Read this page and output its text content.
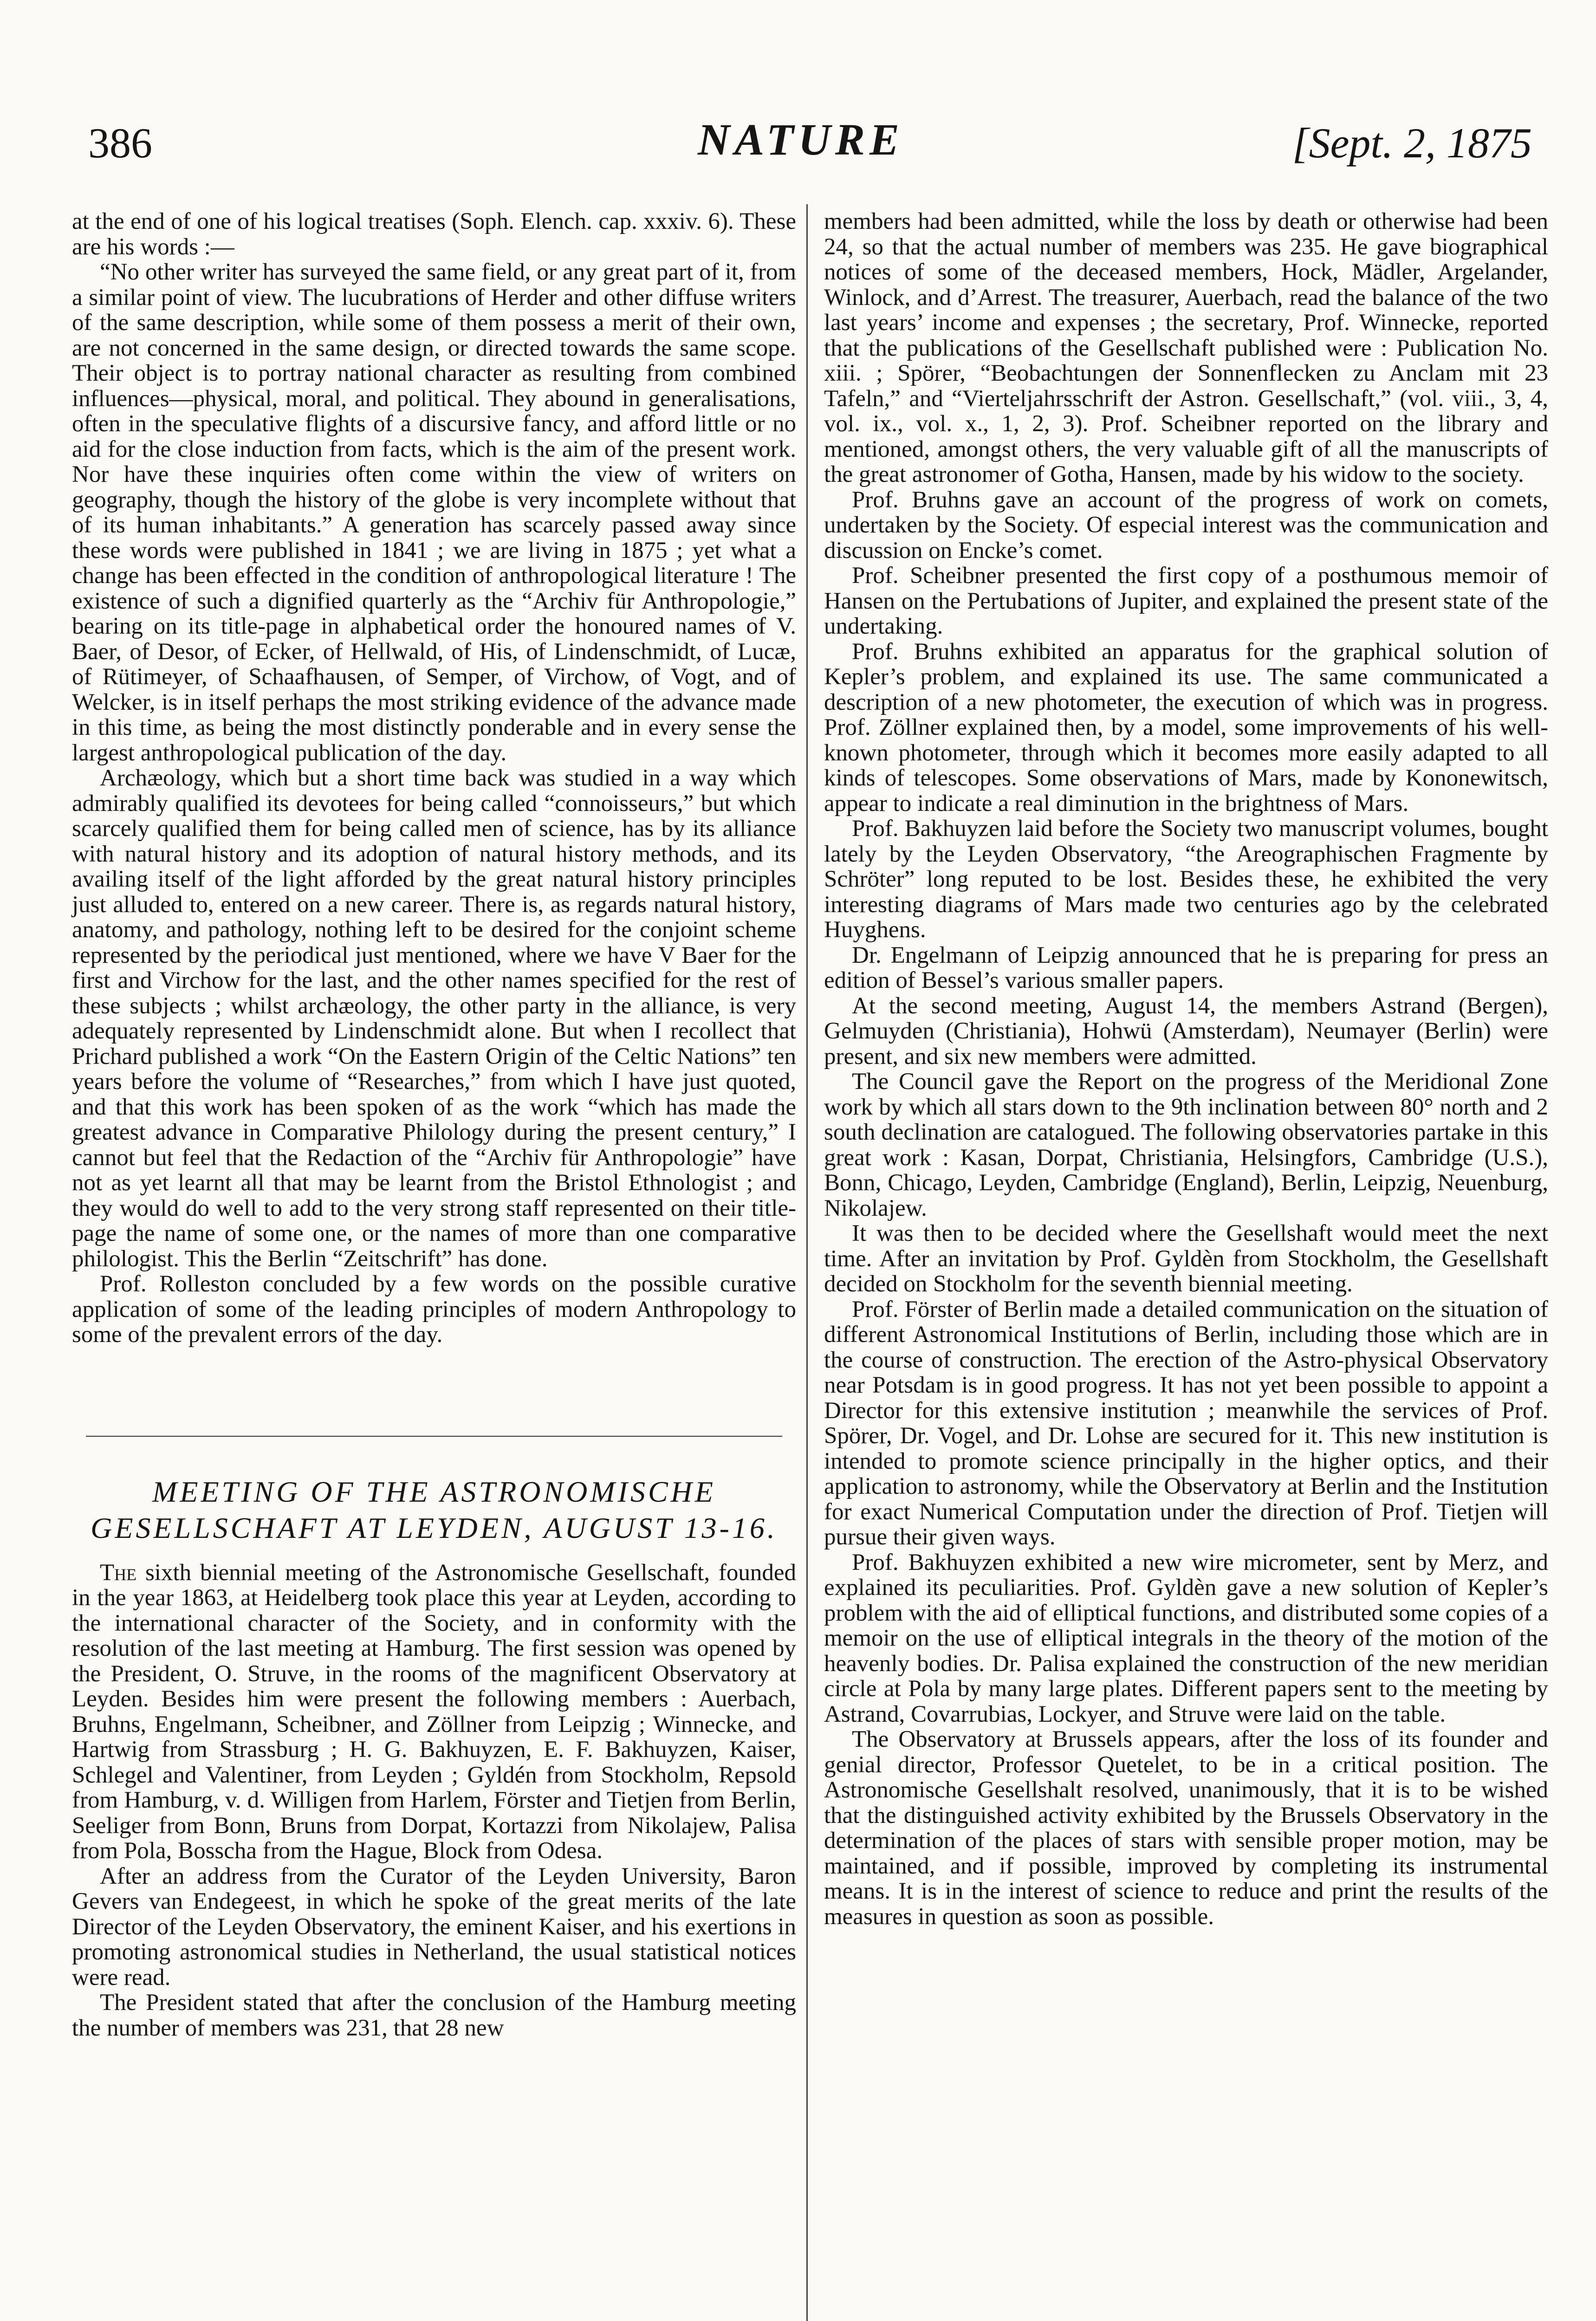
386	NATURE	[Sept. 2, 1875

at the end of one of his logical treatises (Soph. Elench. cap. xxxiv. 6). These are his words :—

“No other writer has surveyed the same field, or any great part of it, from a similar point of view. The lucubrations of Herder and other diffuse writers of the same description, while some of them possess a merit of their own, are not concerned in the same design, or directed towards the same scope. Their object is to portray national character as resulting from combined influences—physical, moral, and political. They abound in generalisations, often in the speculative flights of a discursive fancy, and afford little or no aid for the close induction from facts, which is the aim of the present work. Nor have these inquiries often come within the view of writers on geography, though the history of the globe is very incomplete without that of its human inhabitants.” A generation has scarcely passed away since these words were published in 1841 ; we are living in 1875 ; yet what a change has been effected in the condition of anthropological literature ! The existence of such a dignified quarterly as the “Archiv für Anthropologie,” bearing on its title-page in alphabetical order the honoured names of V. Baer, of Desor, of Ecker, of Hellwald, of His, of Lindenschmidt, of Lucæ, of Rütimeyer, of Schaafhausen, of Semper, of Virchow, of Vogt, and of Welcker, is in itself perhaps the most striking evidence of the advance made in this time, as being the most distinctly ponderable and in every sense the largest anthropological publication of the day.

Archæology, which but a short time back was studied in a way which admirably qualified its devotees for being called “connoisseurs,” but which scarcely qualified them for being called men of science, has by its alliance with natural history and its adoption of natural history methods, and its availing itself of the light afforded by the great natural history principles just alluded to, entered on a new career. There is, as regards natural history, anatomy, and pathology, nothing left to be desired for the conjoint scheme represented by the periodical just mentioned, where we have V Baer for the first and Virchow for the last, and the other names specified for the rest of these subjects ; whilst archæology, the other party in the alliance, is very adequately represented by Lindenschmidt alone. But when I recollect that Prichard published a work “On the Eastern Origin of the Celtic Nations” ten years before the volume of “Researches,” from which I have just quoted, and that this work has been spoken of as the work “which has made the greatest advance in Comparative Philology during the present century,” I cannot but feel that the Redaction of the “Archiv für Anthropologie” have not as yet learnt all that may be learnt from the Bristol Ethnologist ; and they would do well to add to the very strong staff represented on their title-page the name of some one, or the names of more than one comparative philologist. This the Berlin “Zeitschrift” has done.

Prof. Rolleston concluded by a few words on the possible curative application of some of the leading principles of modern Anthropology to some of the prevalent errors of the day.

MEETING OF THE ASTRONOMISCHE GESELLSCHAFT AT LEYDEN, AUGUST 13-16.

The sixth biennial meeting of the Astronomische Gesellschaft, founded in the year 1863, at Heidelberg took place this year at Leyden, according to the international character of the Society, and in conformity with the resolution of the last meeting at Hamburg. The first session was opened by the President, O. Struve, in the rooms of the magnificent Observatory at Leyden. Besides him were present the following members : Auerbach, Bruhns, Engelmann, Scheibner, and Zöllner from Leipzig ; Winnecke, and Hartwig from Strassburg ; H. G. Bakhuyzen, E. F. Bakhuyzen, Kaiser, Schlegel and Valentiner, from Leyden ; Gyldén from Stockholm, Repsold from Hamburg, v. d. Willigen from Harlem, Förster and Tietjen from Berlin, Seeliger from Bonn, Bruns from Dorpat, Kortazzi from Nikolajew, Palisa from Pola, Bosscha from the Hague, Block from Odesa.

After an address from the Curator of the Leyden University, Baron Gevers van Endegeest, in which he spoke of the great merits of the late Director of the Leyden Observatory, the eminent Kaiser, and his exertions in promoting astronomical studies in Netherland, the usual statistical notices were read.

The President stated that after the conclusion of the Hamburg meeting the number of members was 231, that 28 new

members had been admitted, while the loss by death or otherwise had been 24, so that the actual number of members was 235. He gave biographical notices of some of the deceased members, Hock, Mädler, Argelander, Winlock, and d’Arrest. The treasurer, Auerbach, read the balance of the two last years’ income and expenses ; the secretary, Prof. Winnecke, reported that the publications of the Gesellschaft published were : Publication No. xiii. ; Spörer, “Beobachtungen der Sonnenflecken zu Anclam mit 23 Tafeln,” and “Vierteljahrsschrift der Astron. Gesellschaft,” (vol. viii., 3, 4, vol. ix., vol. x., 1, 2, 3). Prof. Scheibner reported on the library and mentioned, amongst others, the very valuable gift of all the manuscripts of the great astronomer of Gotha, Hansen, made by his widow to the society.

Prof. Bruhns gave an account of the progress of work on comets, undertaken by the Society. Of especial interest was the communication and discussion on Encke’s comet.

Prof. Scheibner presented the first copy of a posthumous memoir of Hansen on the Pertubations of Jupiter, and explained the present state of the undertaking.

Prof. Bruhns exhibited an apparatus for the graphical solution of Kepler’s problem, and explained its use. The same communicated a description of a new photometer, the execution of which was in progress. Prof. Zöllner explained then, by a model, some improvements of his well-known photometer, through which it becomes more easily adapted to all kinds of telescopes. Some observations of Mars, made by Kononewitsch, appear to indicate a real diminution in the brightness of Mars.

Prof. Bakhuyzen laid before the Society two manuscript volumes, bought lately by the Leyden Observatory, “the Areographischen Fragmente by Schröter” long reputed to be lost. Besides these, he exhibited the very interesting diagrams of Mars made two centuries ago by the celebrated Huyghens.

Dr. Engelmann of Leipzig announced that he is preparing for press an edition of Bessel’s various smaller papers.

At the second meeting, August 14, the members Astrand (Bergen), Gelmuyden (Christiania), Hohwü (Amsterdam), Neumayer (Berlin) were present, and six new members were admitted.

The Council gave the Report on the progress of the Meridional Zone work by which all stars down to the 9th inclination between 80° north and 2 south declination are catalogued. The following observatories partake in this great work : Kasan, Dorpat, Christiania, Helsingfors, Cambridge (U.S.), Bonn, Chicago, Leyden, Cambridge (England), Berlin, Leipzig, Neuenburg, Nikolajew.

It was then to be decided where the Gesellshaft would meet the next time. After an invitation by Prof. Gyldèn from Stockholm, the Gesellshaft decided on Stockholm for the seventh biennial meeting.

Prof. Förster of Berlin made a detailed communication on the situation of different Astronomical Institutions of Berlin, including those which are in the course of construction. The erection of the Astro-physical Observatory near Potsdam is in good progress. It has not yet been possible to appoint a Director for this extensive institution ; meanwhile the services of Prof. Spörer, Dr. Vogel, and Dr. Lohse are secured for it. This new institution is intended to promote science principally in the higher optics, and their application to astronomy, while the Observatory at Berlin and the Institution for exact Numerical Computation under the direction of Prof. Tietjen will pursue their given ways.

Prof. Bakhuyzen exhibited a new wire micrometer, sent by Merz, and explained its peculiarities. Prof. Gyldèn gave a new solution of Kepler’s problem with the aid of elliptical functions, and distributed some copies of a memoir on the use of elliptical integrals in the theory of the motion of the heavenly bodies. Dr. Palisa explained the construction of the new meridian circle at Pola by many large plates. Different papers sent to the meeting by Astrand, Covarrubias, Lockyer, and Struve were laid on the table.

The Observatory at Brussels appears, after the loss of its founder and genial director, Professor Quetelet, to be in a critical position. The Astronomische Gesellshalt resolved, unanimously, that it is to be wished that the distinguished activity exhibited by the Brussels Observatory in the determination of the places of stars with sensible proper motion, may be maintained, and if possible, improved by completing its instrumental means. It is in the interest of science to reduce and print the results of the measures in question as soon as possible.
